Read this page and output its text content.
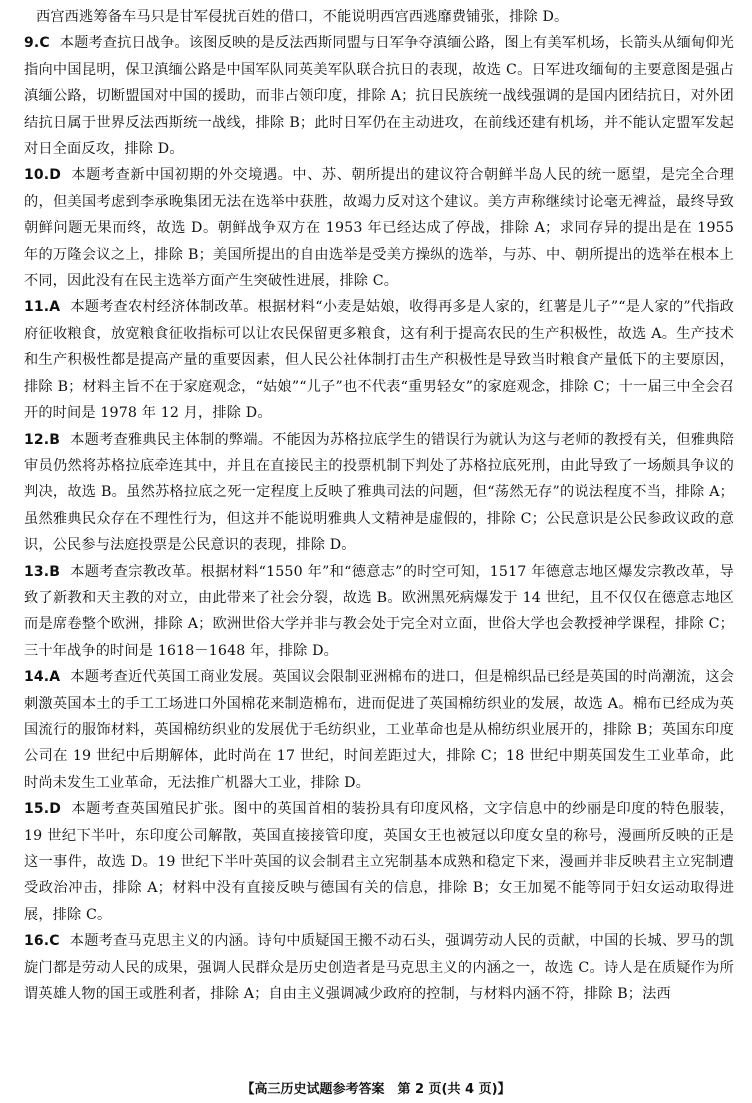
西宫西逃筹备车马只是甘军侵扰百姓的借口，不能说明西宫西逃靡费铺张，排除 D。

9.C 本题考查抗日战争。该图反映的是反法西斯同盟与日军争夺滇缅公路，图上有美军机场，长箭头从缅甸仰光指向中国昆明，保卫滇缅公路是中国军队同英美军队联合抗日的表现，故选 C。日军进攻缅甸的主要意图是强占滇缅公路，切断盟国对中国的援助，而非占领印度，排除 A；抗日民族统一战线强调的是国内团结抗日，对外团结抗日属于世界反法西斯统一战线，排除 B；此时日军仍在主动进攻，在前线还建有机场，并不能认定盟军发起对日全面反攻，排除 D。

10.D 本题考查新中国初期的外交境遇。中、苏、朝所提出的建议符合朝鲜半岛人民的统一愿望，是完全合理的，但美国考虑到李承晚集团无法在选举中获胜，故竭力反对这个建议。美方声称继续讨论毫无裨益，最终导致朝鲜问题无果而终，故选 D。朝鲜战争双方在 1953 年已经达成了停战，排除 A；求同存异的提出是在 1955 年的万隆会议之上，排除 B；美国所提出的自由选举是受美方操纵的选举，与苏、中、朝所提出的选举在根本上不同，因此没有在民主选举方面产生突破性进展，排除 C。

11.A 本题考查农村经济体制改革。根据材料“小麦是姑娘，收得再多是人家的，红薯是儿子”“是人家的”代指政府征收粮食，放宽粮食征收指标可以让农民保留更多粮食，这有利于提高农民的生产积极性，故选 A。生产技术和生产积极性都是提高产量的重要因素，但人民公社体制打击生产积极性是导致当时粮食产量低下的主要原因，排除 B；材料主旨不在于家庭观念，“姑娘”“儿子”也不代表“重男轻女”的家庭观念，排除 C；十一届三中全会召开的时间是 1978 年 12 月，排除 D。

12.B 本题考查雅典民主体制的弊端。不能因为苏格拉底学生的错误行为就认为这与老师的教授有关，但雅典陪审员仍然将苏格拉底牵连其中，并且在直接民主的投票机制下判处了苏格拉底死刑，由此导致了一场颇具争议的判决，故选 B。虽然苏格拉底之死一定程度上反映了雅典司法的问题，但“荡然无存”的说法程度不当，排除 A；虽然雅典民众存在不理性行为，但这并不能说明雅典人文精神是虚假的，排除 C；公民意识是公民参政议政的意识，公民参与法庭投票是公民意识的表现，排除 D。

13.B 本题考查宗教改革。根据材料“1550 年”和“德意志”的时空可知，1517 年德意志地区爆发宗教改革，导致了新教和天主教的对立，由此带来了社会分裂，故选 B。欧洲黑死病爆发于 14 世纪，且不仅仅在德意志地区而是席卷整个欧洲，排除 A；欧洲世俗大学并非与教会处于完全对立面，世俗大学也会教授神学课程，排除 C；三十年战争的时间是 1618－1648 年，排除 D。

14.A 本题考查近代英国工商业发展。英国议会限制亚洲棉布的进口，但是棉织品已经是英国的时尚潮流，这会刺激英国本土的手工工场进口外国棉花来制造棉布，进而促进了英国棉纺织业的发展，故选 A。棉布已经成为英国流行的服饰材料，英国棉纺织业的发展优于毛纺织业，工业革命也是从棉纺织业展开的，排除 B；英国东印度公司在 19 世纪中后期解体，此时尚在 17 世纪，时间差距过大，排除 C；18 世纪中期英国发生工业革命，此时尚未发生工业革命，无法推广机器大工业，排除 D。

15.D 本题考查英国殖民扩张。图中的英国首相的装扮具有印度风格，文字信息中的纱丽是印度的特色服装，19 世纪下半叶，东印度公司解散，英国直接接管印度，英国女王也被冠以印度女皇的称号，漫画所反映的正是这一事件，故选 D。19 世纪下半叶英国的议会制君主立宪制基本成熟和稳定下来，漫画并非反映君主立宪制遭受政治冲击，排除 A；材料中没有直接反映与德国有关的信息，排除 B；女王加冕不能等同于妇女运动取得进展，排除 C。

16.C 本题考查马克思主义的内涵。诗句中质疑国王搬不动石头，强调劳动人民的贡献，中国的长城、罗马的凯旋门都是劳动人民的成果，强调人民群众是历史创造者是马克思主义的内涵之一，故选 C。诗人是在质疑作为所谓英雄人物的国王或胜利者，排除 A；自由主义强调减少政府的控制，与材料内涵不符，排除 B；法西

【高三历史试题参考答案　第 2 页(共 4 页)】
